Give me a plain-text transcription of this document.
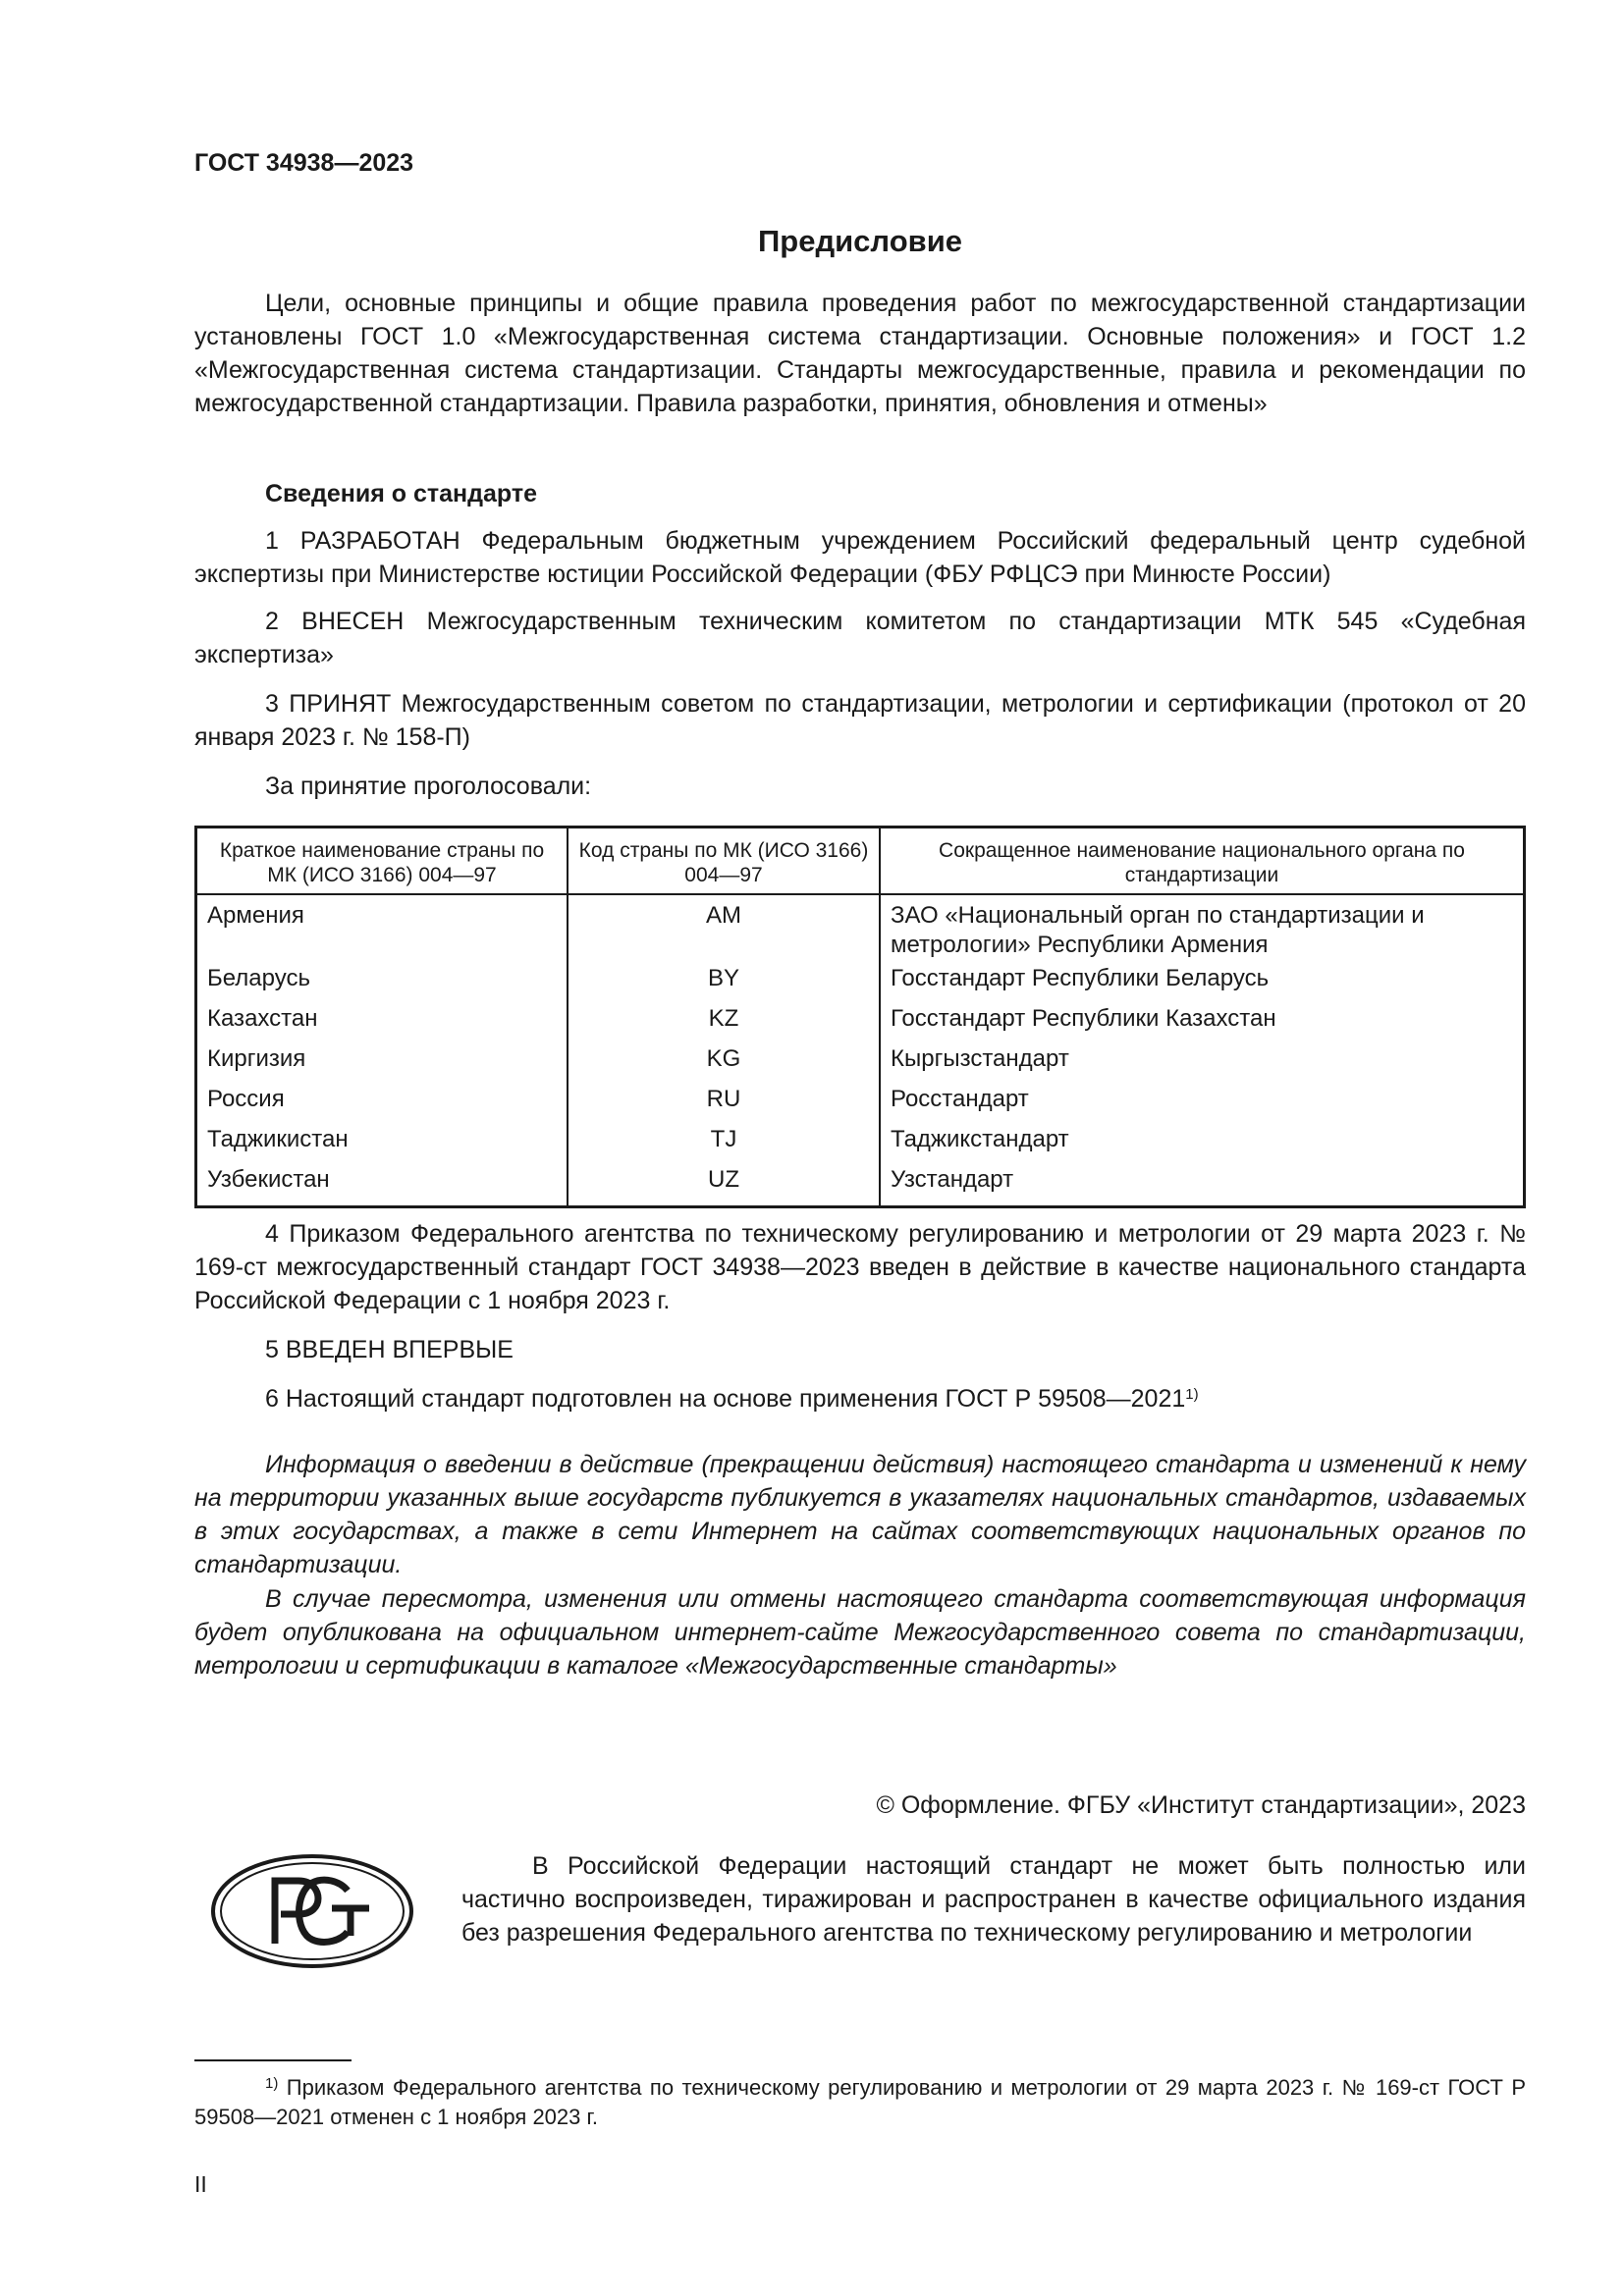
ГОСТ 34938—2023
Предисловие

Цели, основные принципы и общие правила проведения работ по межгосударственной стандартизации установлены ГОСТ 1.0 «Межгосударственная система стандартизации. Основные положения» и ГОСТ 1.2 «Межгосударственная система стандартизации. Стандарты межгосударственные, правила и рекомендации по межгосударственной стандартизации. Правила разработки, принятия, обновления и отмены»

Сведения о стандарте

1 РАЗРАБОТАН Федеральным бюджетным учреждением Российский федеральный центр судебной экспертизы при Министерстве юстиции Российской Федерации (ФБУ РФЦСЭ при Минюсте России)

2 ВНЕСЕН Межгосударственным техническим комитетом по стандартизации МТК 545 «Судебная экспертиза»

3 ПРИНЯТ Межгосударственным советом по стандартизации, метрологии и сертификации (протокол от 20 января 2023 г. № 158-П)

За принятие проголосовали:

Краткое наименование страны по МК (ИСО 3166) 004—97	Код страны по МК (ИСО 3166) 004—97	Сокращенное наименование национального органа по стандартизации
Армения	AM	ЗАО «Национальный орган по стандартизации и метрологии» Республики Армения
Беларусь	BY	Госстандарт Республики Беларусь
Казахстан	KZ	Госстандарт Республики Казахстан
Киргизия	KG	Кыргызстандарт
Россия	RU	Росстандарт
Таджикистан	TJ	Таджикстандарт
Узбекистан	UZ	Узстандарт

4 Приказом Федерального агентства по техническому регулированию и метрологии от 29 марта 2023 г. № 169-ст межгосударственный стандарт ГОСТ 34938—2023 введен в действие в качестве национального стандарта Российской Федерации с 1 ноября 2023 г.

5 ВВЕДЕН ВПЕРВЫЕ

6 Настоящий стандарт подготовлен на основе применения ГОСТ Р 59508—2021$^{1)}$

Информация о введении в действие (прекращении действия) настоящего стандарта и изменений к нему на территории указанных выше государств публикуется в указателях национальных стандартов, издаваемых в этих государствах, а также в сети Интернет на сайтах соответствующих национальных органов по стандартизации.

В случае пересмотра, изменения или отмены настоящего стандарта соответствующая информация будет опубликована на официальном интернет-сайте Межгосударственного совета по стандартизации, метрологии и сертификации в каталоге «Межгосударственные стандарты»

© Оформление. ФГБУ «Институт стандартизации», 2023

В Российской Федерации настоящий стандарт не может быть полностью или частично воспроизведен, тиражирован и распространен в качестве официального издания без разрешения Федерального агентства по техническому регулированию и метрологии

$^{1)}$ Приказом Федерального агентства по техническому регулированию и метрологии от 29 марта 2023 г. № 169-ст ГОСТ Р 59508—2021 отменен с 1 ноября 2023 г.

II
